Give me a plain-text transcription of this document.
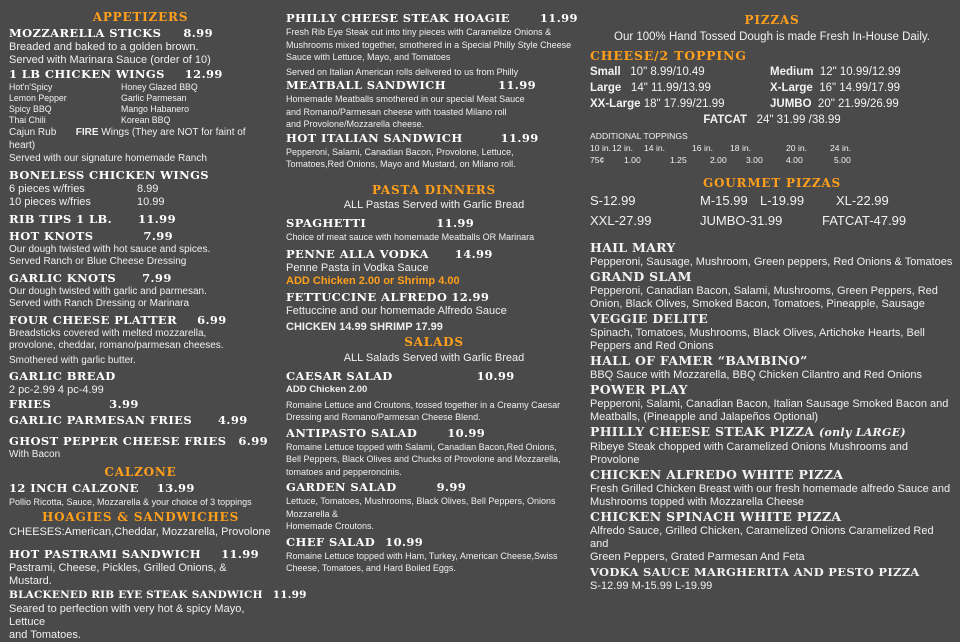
APPETIZERS
MOZZARELLA STICKS 8.99
Breaded and baked to a golden brown.
Served with Marinara Sauce (order of 10)
1 LB CHICKEN WINGS 12.99
Hot'n'Spicy	Honey Glazed BBQ
Lemon Pepper	Garlic Parmesan
Spicy BBQ	Mango Habanero
Thai Chili	Korean BBQ
Cajun Rub FIRE Wings (They are NOT for faint of heart)
Served with our signature homemade Ranch
BONELESS CHICKEN WINGS
6 pieces w/fries	8.99
10 pieces w/fries	10.99
RIB TIPS 1 LB. 11.99
HOT KNOTS	7.99
Our dough twisted with hot sauce and spices.
Served Ranch or Blue Cheese Dressing
GARLIC KNOTS 7.99
Our dough twisted with garlic and parmesan.
Served with Ranch Dressing or Marinara
FOUR CHEESE PLATTER 6.99
Breadsticks covered with melted mozzarella,
provolone, cheddar, romano/parmesan cheeses.
Smothered with garlic butter.
GARLIC BREAD
2 pc-2.99 4 pc-4.99
FRIES	3.99
GARLIC PARMESAN FRIES 4.99
GHOST PEPPER CHEESE FRIES 6.99
With Bacon
CALZONE
12 INCH CALZONE 13.99
Pollio Ricotta, Sauce, Mozzarella & your choice of 3 toppings
HOAGIES & SANDWICHES
CHEESES:American,Cheddar, Mozzarella, Provolone
HOT PASTRAMI SANDWICH 11.99
Pastrami, Cheese, Pickles, Grilled Onions, & Mustard.
BLACKENED RIB EYE STEAK SANDWICH 11.99
Seared to perfection with very hot & spicy Mayo, Lettuce
and Tomatoes.
PHILLY CHEESE STEAK HOAGIE	11.99
Fresh Rib Eye Steak cut into tiny pieces with Caramelize Onions &
Mushrooms mixed together, smothered in a Special Philly Style Cheese
Sauce with Lettuce, Mayo, and Tomatoes
Served on Italian American rolls delivered to us from Philly
MEATBALL SANDWICH	11.99
Homemade Meatballs smothered in our special Meat Sauce
and Romano/Parmesan cheese with toasted Milano roll
and Provolone/Mozzarella cheese.
HOT ITALIAN SANDWICH	11.99
Pepperoni, Salami, Canadian Bacon, Provolone, Lettuce,
Tomatoes,Red Onions, Mayo and Mustard, on Milano roll.
PASTA DINNERS
ALL Pastas Served with Garlic Bread
SPAGHETTI	11.99
Choice of meat sauce with homemade Meatballs OR Marinara
PENNE ALLA VODKA 14.99
Penne Pasta in Vodka Sauce
ADD Chicken 2.00 or Shrimp 4.00
FETTUCCINE ALFREDO 12.99
Fettuccine and our homemade Alfredo Sauce
CHICKEN 14.99 SHRIMP 17.99
SALADS
ALL Salads Served with Garlic Bread
CAESAR SALAD	10.99
ADD Chicken 2.00
Romaine Lettuce and Croutons, tossed together in a Creamy Caesar
Dressing and Romano/Parmesan Cheese Blend.
ANTIPASTO SALAD	10.99
Romaine Lettuce topped with Salami, Canadian Bacon,Red Onions,
Bell Peppers, Black Olives and Chucks of Provolone and Mozzarella,
tomatoes and pepperoncinis.
GARDEN SALAD	9.99
Lettuce, Tomatoes, Mushrooms, Black Olives, Bell Peppers, Onions Mozzarella &
Homemade Croutons.
CHEF SALAD 10.99
Romaine Lettuce topped with Ham, Turkey, American Cheese,Swiss
Cheese, Tomatoes, and Hard Boiled Eggs.
PIZZAS
Our 100% Hand Tossed Dough is made Fresh In-House Daily.
CHEESE/2 TOPPING
Small 10" 8.99/10.49	Medium 12" 10.99/12.99
Large 14" 11.99/13.99	X-Large 16" 14.99/17.99
XX-Large 18" 17.99/21.99	JUMBO 20" 21.99/26.99
FATCAT 24" 31.99 /38.99
ADDITIONAL TOPPINGS
10 in. 12 in.	14 in.	16 in.	18 in.	20 in.	24 in.
75¢	1.00	1.25	2.00	3.00	4.00	5.00
GOURMET PIZZAS
S-12.99	M-15.99 L-19.99	XL-22.99
XXL-27.99	JUMBO-31.99	FATCAT-47.99
HAIL MARY
Pepperoni, Sausage, Mushroom, Green peppers, Red Onions & Tomatoes
GRAND SLAM
Pepperoni, Canadian Bacon, Salami, Mushrooms, Green Peppers, Red
Onion, Black Olives, Smoked Bacon, Tomatoes, Pineapple, Sausage
VEGGIE DELITE
Spinach, Tomatoes, Mushrooms, Black Olives, Artichoke Hearts, Bell
Peppers and Red Onions
HALL OF FAMER “BAMBINO”
BBQ Sauce with Mozzarella, BBQ Chicken Cilantro and Red Onions
POWER PLAY
Pepperoni, Salami, Canadian Bacon, Italian Sausage Smoked Bacon and
Meatballs, (Pineapple and Jalapeños Optional)
PHILLY CHEESE STEAK PIZZA (only LARGE)
Ribeye Steak chopped with Caramelized Onions Mushrooms and
Provolone
CHICKEN ALFREDO WHITE PIZZA
Fresh Grilled Chicken Breast with our fresh homemade alfredo Sauce and
Mushrooms topped with Mozzarella Cheese
CHICKEN SPINACH WHITE PIZZA
Alfredo Sauce, Grilled Chicken, Caramelized Onions Caramelized Red and
Green Peppers, Grated Parmesan And Feta
VODKA SAUCE MARGHERITA AND PESTO PIZZA
S-12.99 M-15.99 L-19.99
